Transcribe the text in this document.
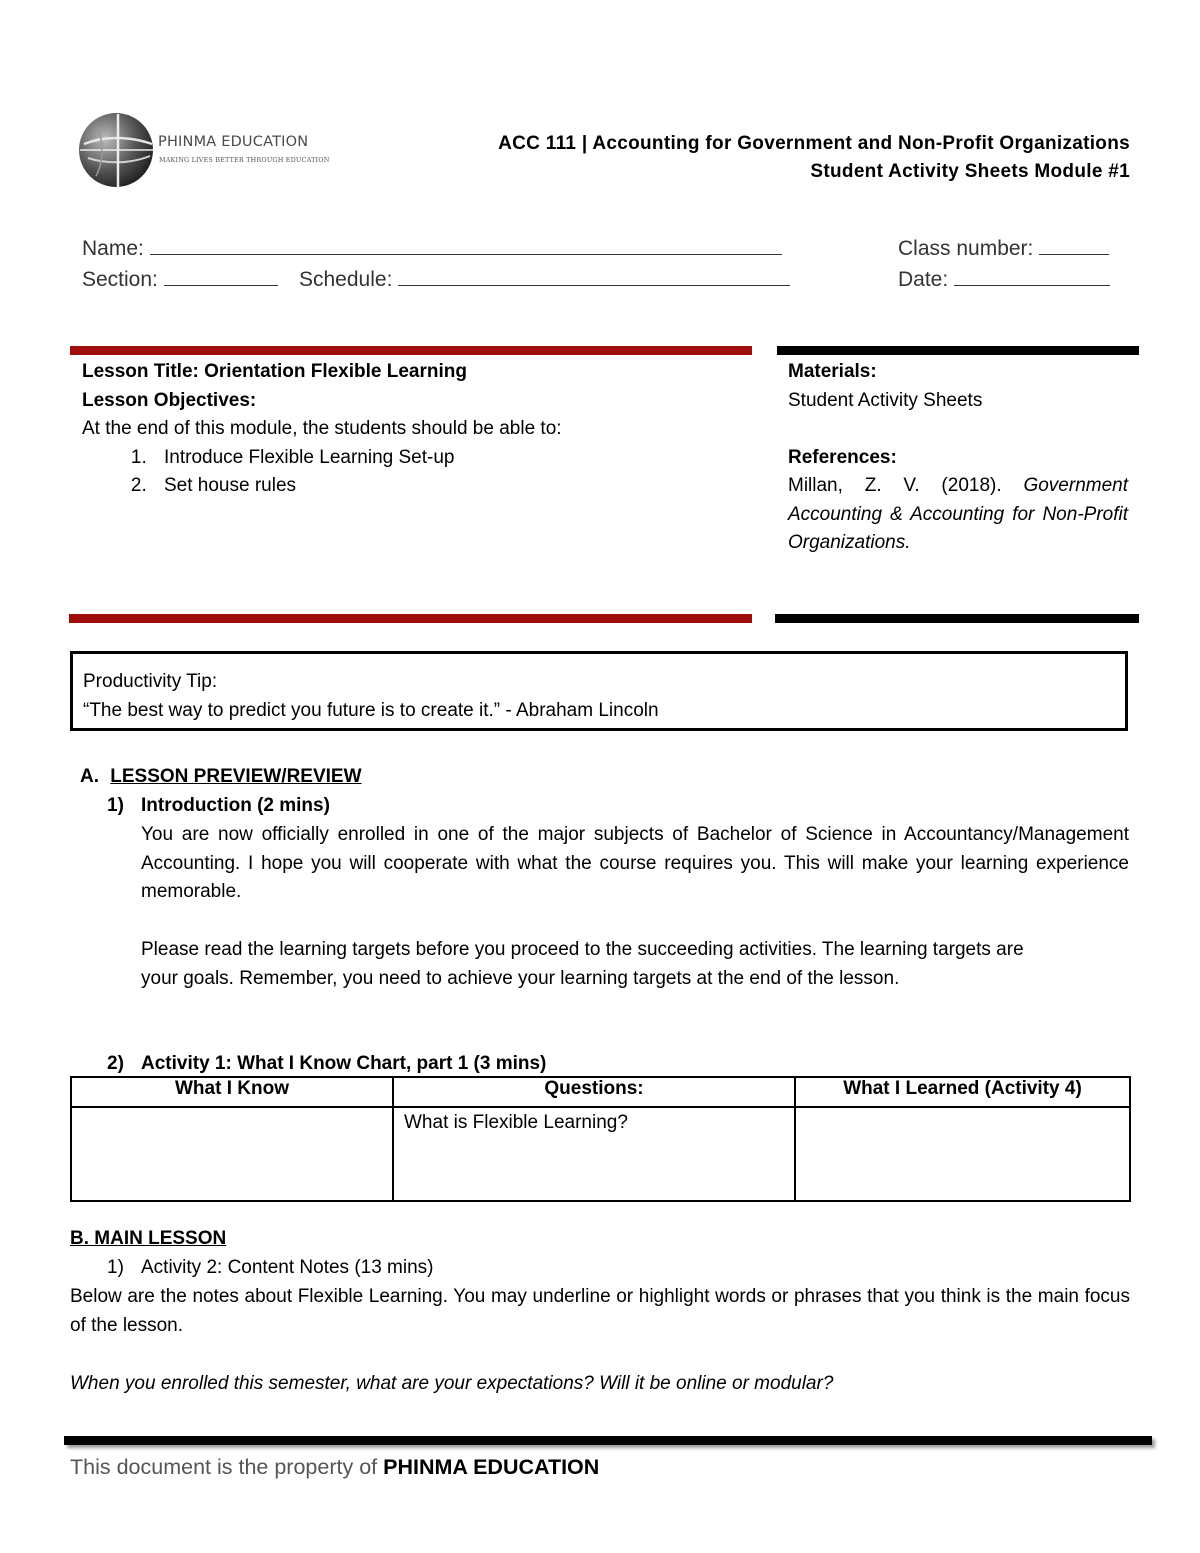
PHINMA EDUCATION
MAKING LIVES BETTER THROUGH EDUCATION
ACC 111 | Accounting for Government and Non-Profit Organizations
Student Activity Sheets Module #1
Name:
Section:	Schedule:
Class number:
Date:
Lesson Title: Orientation Flexible Learning
Lesson Objectives:
At the end of this module, the students should be able to:
1. Introduce Flexible Learning Set-up
2. Set house rules
Materials:
Student Activity Sheets
References:
Millan, Z. V. (2018). Government Accounting & Accounting for Non-Profit Organizations.
Productivity Tip:
“The best way to predict you future is to create it.” - Abraham Lincoln
A. LESSON PREVIEW/REVIEW
1) Introduction (2 mins)
You are now officially enrolled in one of the major subjects of Bachelor of Science in Accountancy/Management Accounting. I hope you will cooperate with what the course requires you. This will make your learning experience memorable.
Please read the learning targets before you proceed to the succeeding activities. The learning targets are your goals. Remember, you need to achieve your learning targets at the end of the lesson.
2) Activity 1: What I Know Chart, part 1 (3 mins)
What I Know	Questions:	What I Learned (Activity 4)
	What is Flexible Learning?	
B. MAIN LESSON
1) Activity 2: Content Notes (13 mins)
Below are the notes about Flexible Learning. You may underline or highlight words or phrases that you think is the main focus of the lesson.
When you enrolled this semester, what are your expectations? Will it be online or modular?
This document is the property of PHINMA EDUCATION
